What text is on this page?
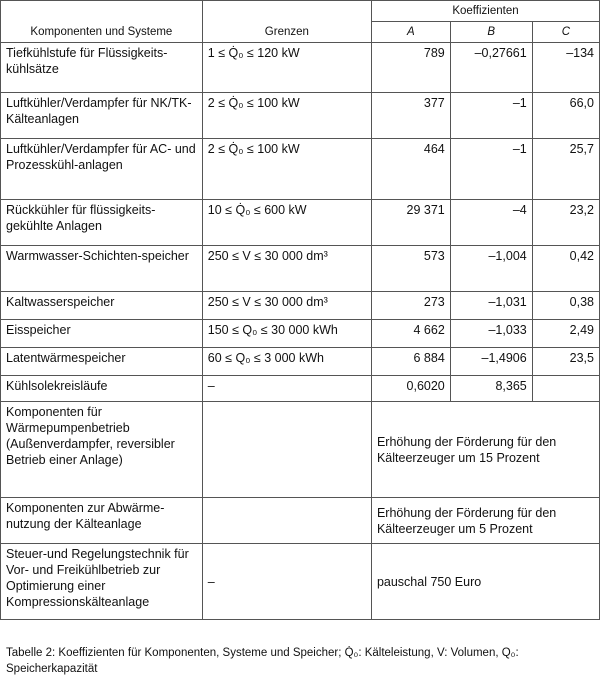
Komponenten und Systeme	Grenzen	Koeffizienten		
		A	B	C
Tiefkühlstufe für Flüssigkeits-kühlsätze	1 ≤ Q̇₀ ≤ 120 kW	789	–0,27661	–134
Luftkühler/Verdampfer für NK/TK-Kälteanlagen	2 ≤ Q̇₀ ≤ 100 kW	377	–1	66,0
Luftkühler/Verdampfer für AC- und Prozesskühl-anlagen	2 ≤ Q̇₀ ≤ 100 kW	464	–1	25,7
Rückkühler für flüssigkeits-gekühlte Anlagen	10 ≤ Q̇₀ ≤ 600 kW	29 371	–4	23,2
Warmwasser-Schichten-speicher	250 ≤ V ≤ 30 000 dm³	573	–1,004	0,42
Kaltwasserspeicher	250 ≤ V ≤ 30 000 dm³	273	–1,031	0,38
Eisspeicher	150 ≤ Q₀ ≤ 30 000 kWh	4 662	–1,033	2,49
Latentwärmespeicher	60 ≤ Q₀ ≤ 3 000 kWh	6 884	–1,4906	23,5
Kühlsolekreisläufe	–	0,6020	8,365	
Komponenten für Wärmepumpenbetrieb (Außenverdampfer, reversibler Betrieb einer Anlage)		Erhöhung der Förderung für den Kälteerzeuger um 15 Prozent		
Komponenten zur Abwärme-nutzung der Kälteanlage		Erhöhung der Förderung für den Kälteerzeuger um 5 Prozent		
Steuer-und Regelungstechnik für Vor- und Freikühlbetrieb zur Optimierung einer Kompressionskälteanlage	–	pauschal 750 Euro		
Tabelle 2: Koeffizienten für Komponenten, Systeme und Speicher; Q̇₀: Kälteleistung, V: Volumen, Q₀: Speicherkapazität
